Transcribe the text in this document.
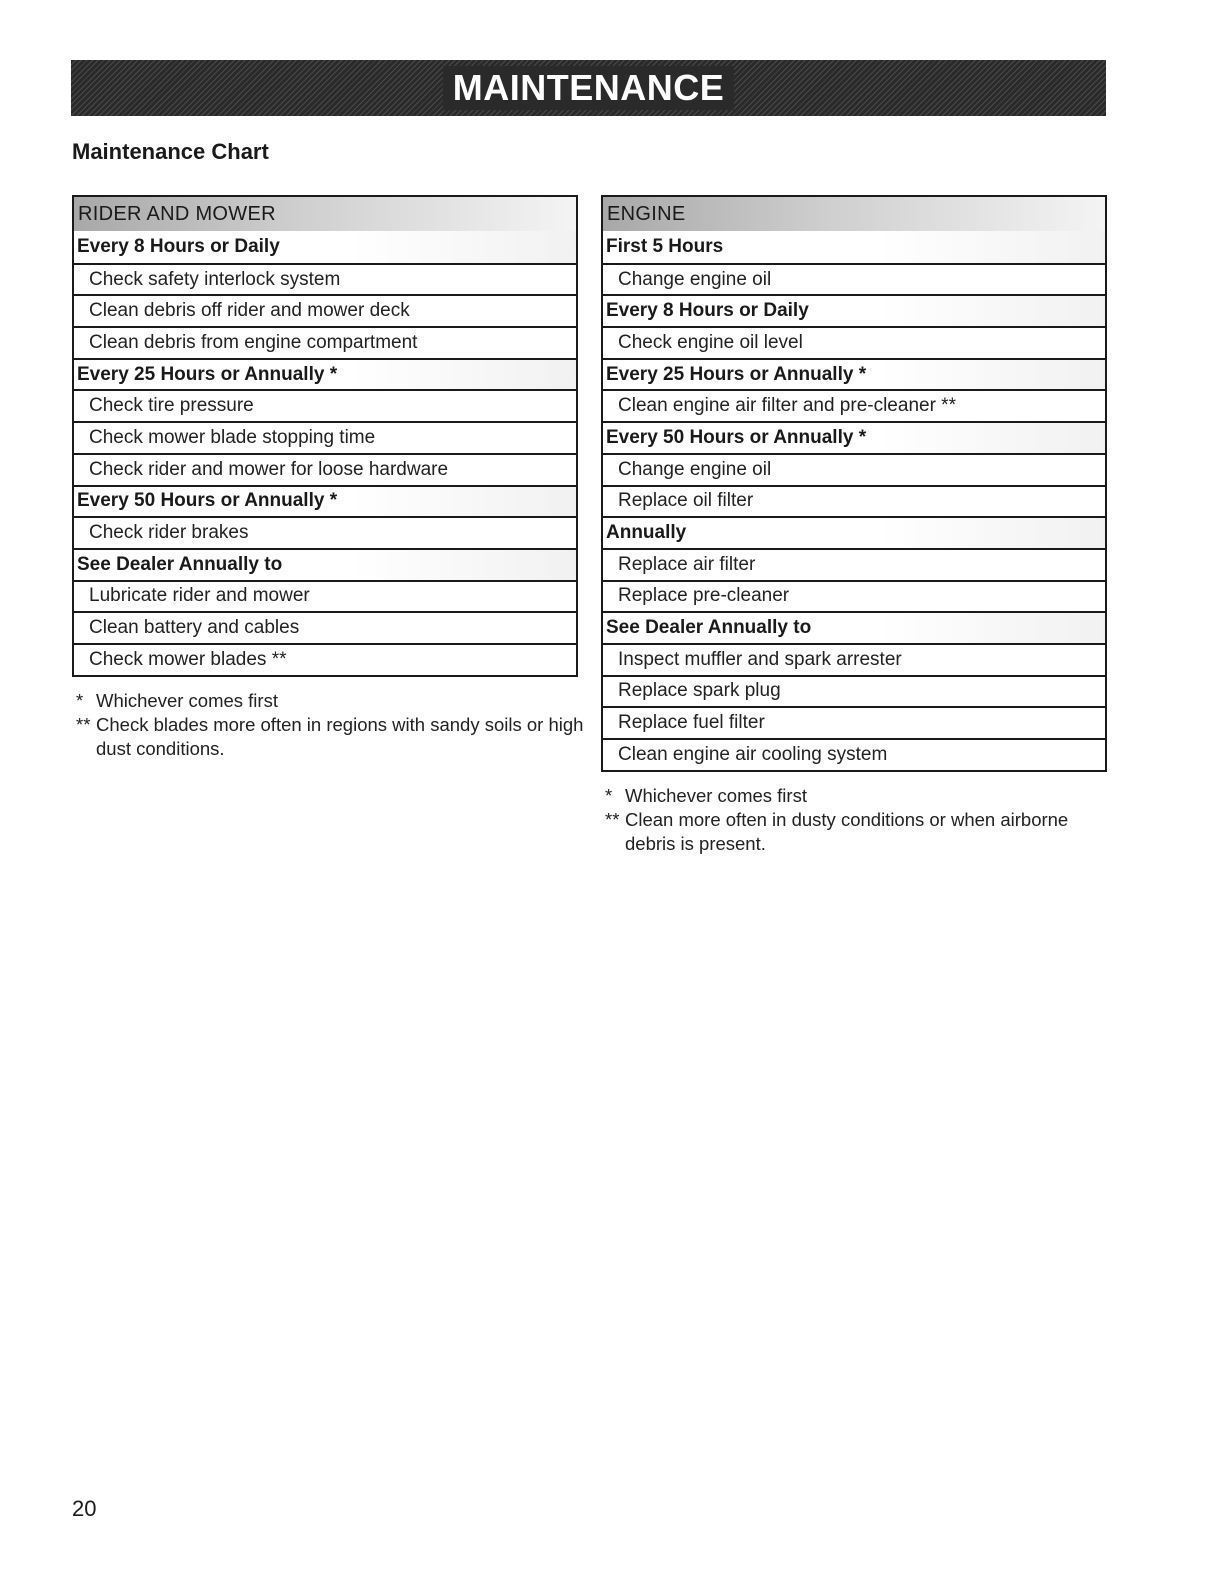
MAINTENANCE
Maintenance Chart
RIDER AND MOWER
Every 8 Hours or Daily
Check safety interlock system
Clean debris off rider and mower deck
Clean debris from engine compartment
Every 25 Hours or Annually *
Check tire pressure
Check mower blade stopping time
Check rider and mower for loose hardware
Every 50 Hours or Annually *
Check rider brakes
See Dealer Annually to
Lubricate rider and mower
Clean battery and cables
Check mower blades **
ENGINE
First 5 Hours
Change engine oil
Every 8 Hours or Daily
Check engine oil level
Every 25 Hours or Annually *
Clean engine air filter and pre-cleaner **
Every 50 Hours or Annually *
Change engine oil
Replace oil filter
Annually
Replace air filter
Replace pre-cleaner
See Dealer Annually to
Inspect muffler and spark arrester
Replace spark plug
Replace fuel filter
Clean engine air cooling system
* Whichever comes first
** Check blades more often in regions with sandy soils or high dust conditions.
* Whichever comes first
** Clean more often in dusty conditions or when airborne debris is present.
20
